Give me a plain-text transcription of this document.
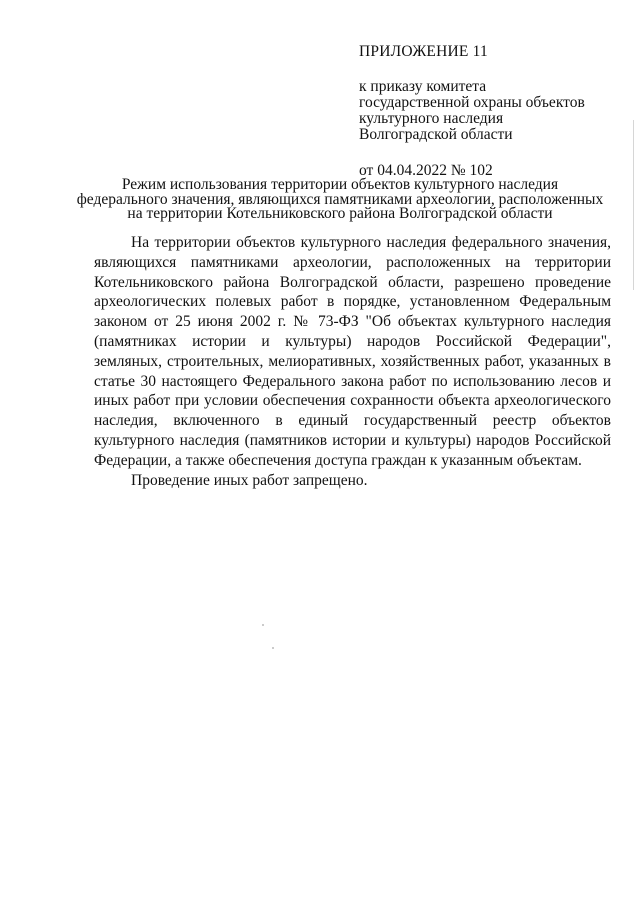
ПРИЛОЖЕНИЕ 11
к приказу комитета
государственной охраны объектов
культурного наследия
Волгоградской области
от 04.04.2022 № 102
Режим использования территории объектов культурного наследия
федерального значения, являющихся памятниками археологии, расположенных
на территории Котельниковского района Волгоградской области

На территории объектов культурного наследия федерального значения, являющихся памятниками археологии, расположенных на территории Котельниковского района Волгоградской области, разрешено проведение археологических полевых работ в порядке, установленном Федеральным законом от 25 июня 2002 г. № 73-ФЗ "Об объектах культурного наследия (памятниках истории и культуры) народов Российской Федерации", земляных, строительных, мелиоративных, хозяйственных работ, указанных в статье 30 настоящего Федерального закона работ по использованию лесов и иных работ при условии обеспечения сохранности объекта археологического наследия, включенного в единый государственный реестр объектов культурного наследия (памятников истории и культуры) народов Российской Федерации, а также обеспечения доступа граждан к указанным объектам.

Проведение иных работ запрещено.
